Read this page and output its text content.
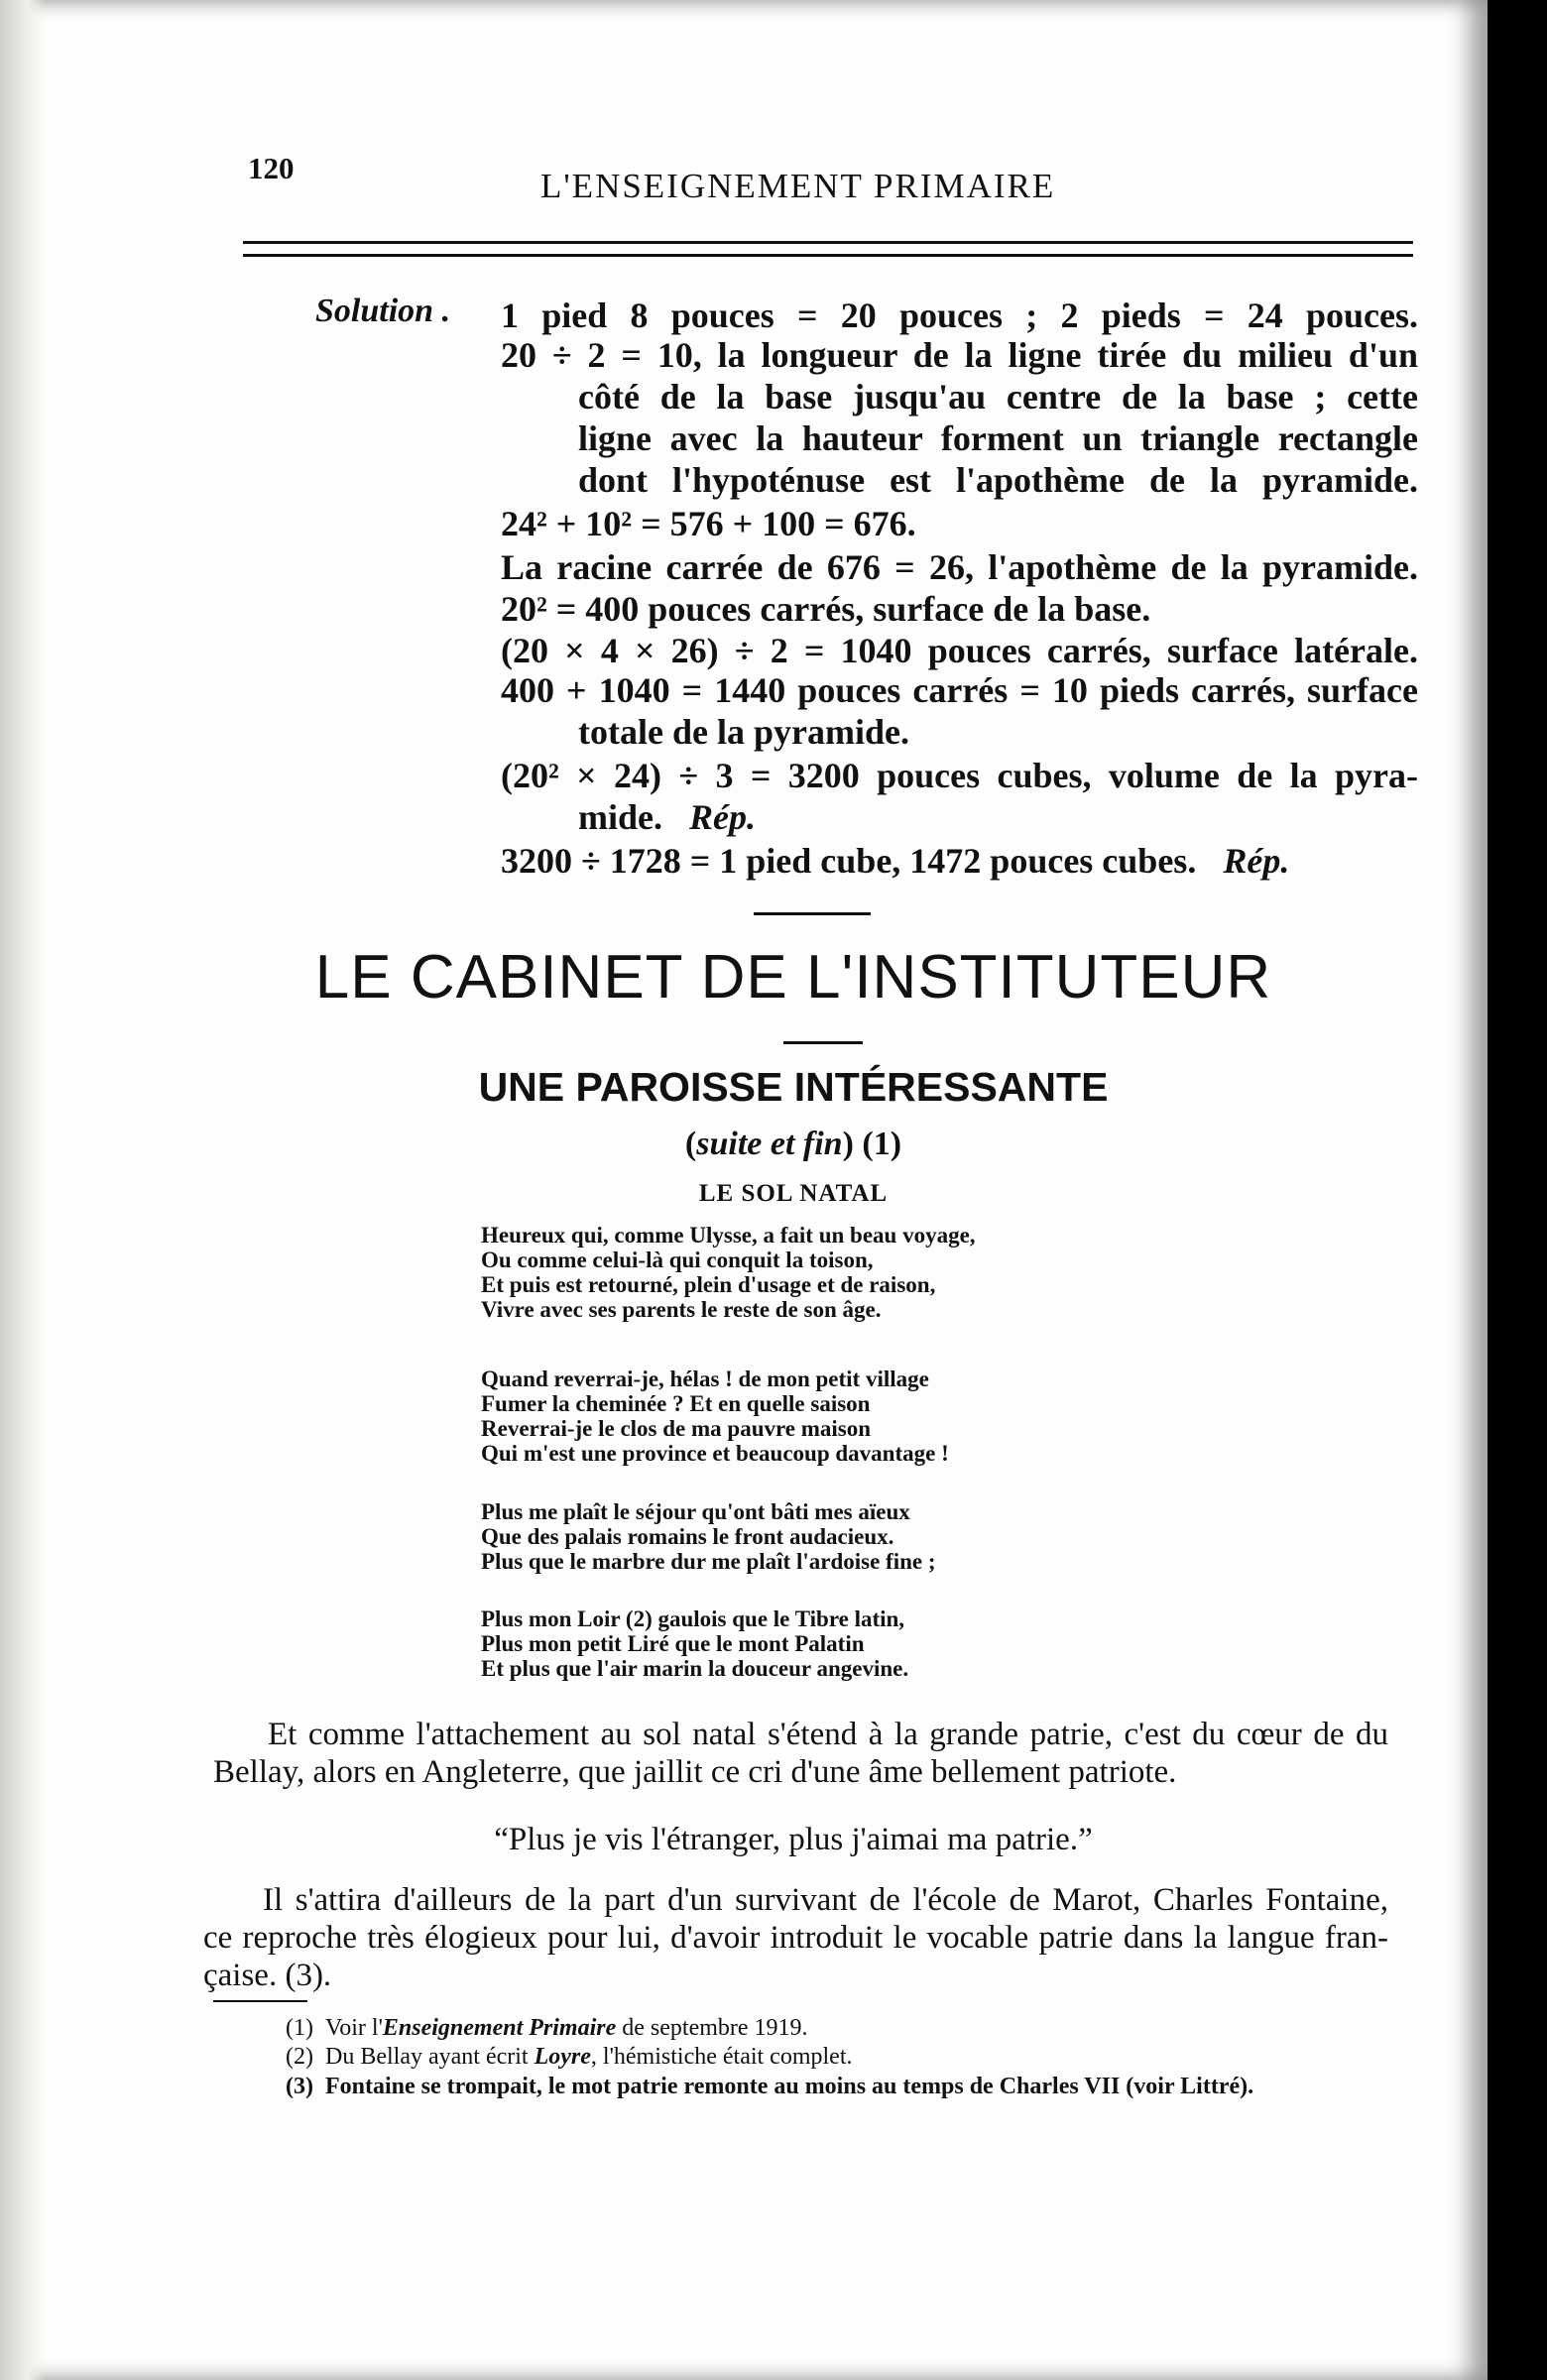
120	L'ENSEIGNEMENT PRIMAIRE
Solution . 1 pied 8 pouces = 20 pouces ; 2 pieds = 24 pouces.
20 ÷ 2 = 10, la longueur de la ligne tirée du milieu d'un
côté de la base jusqu'au centre de la base ; cette
ligne avec la hauteur forment un triangle rectangle
dont l'hypoténuse est l'apothème de la pyramide.
24² + 10² = 576 + 100 = 676.
La racine carrée de 676 = 26, l'apothème de la pyramide.
20² = 400 pouces carrés, surface de la base.
(20 × 4 × 26) ÷ 2 = 1040 pouces carrés, surface latérale.
400 + 1040 = 1440 pouces carrés = 10 pieds carrés, surface
totale de la pyramide.
(20² × 24) ÷ 3 = 3200 pouces cubes, volume de la pyra-
mide. Rép.
3200 ÷ 1728 = 1 pied cube, 1472 pouces cubes. Rép.
LE CABINET DE L'INSTITUTEUR
UNE PAROISSE INTÉRESSANTE
(suite et fin) (1)
LE SOL NATAL
Heureux qui, comme Ulysse, a fait un beau voyage,
Ou comme celui-là qui conquit la toison,
Et puis est retourné, plein d'usage et de raison,
Vivre avec ses parents le reste de son âge.
Quand reverrai-je, hélas ! de mon petit village
Fumer la cheminée ? Et en quelle saison
Reverrai-je le clos de ma pauvre maison
Qui m'est une province et beaucoup davantage !
Plus me plaît le séjour qu'ont bâti mes aïeux
Que des palais romains le front audacieux.
Plus que le marbre dur me plaît l'ardoise fine ;
Plus mon Loir (2) gaulois que le Tibre latin,
Plus mon petit Liré que le mont Palatin
Et plus que l'air marin la douceur angevine.
Et comme l'attachement au sol natal s'étend à la grande patrie, c'est du cœur de du
Bellay, alors en Angleterre, que jaillit ce cri d'une âme bellement patriote.
“Plus je vis l'étranger, plus j'aimai ma patrie.”
Il s'attira d'ailleurs de la part d'un survivant de l'école de Marot, Charles Fontaine,
ce reproche très élogieux pour lui, d'avoir introduit le vocable patrie dans la langue fran-
çaise. (3).
(1) Voir l'Enseignement Primaire de septembre 1919.
(2) Du Bellay ayant écrit Loyre, l'hémistiche était complet.
(3) Fontaine se trompait, le mot patrie remonte au moins au temps de Charles VII (voir Littré).
